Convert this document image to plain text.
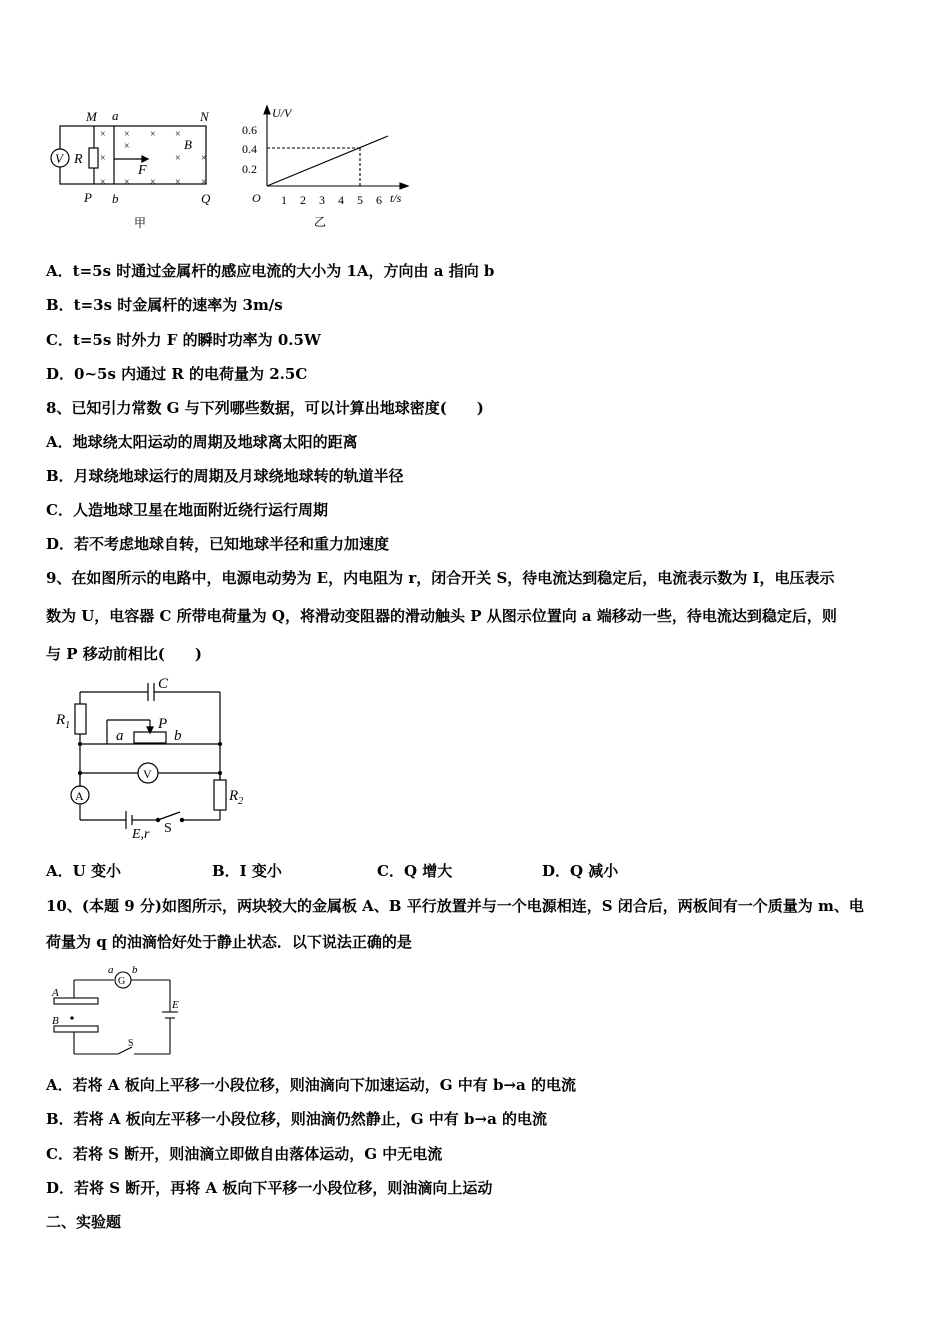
V R
M a	N
B
F
P b	Q
甲
× × × ×
×
×
× ×
× × × × ×
U/V
t/s
O
0.6
0.4
0.2
1 2 3 4 5 6
乙
A．t=5s 时通过金属杆的感应电流的大小为 1A，方向由 a 指向 b
B．t=3s 时金属杆的速率为 3m/s
C．t=5s 时外力 F 的瞬时功率为 0.5W
D．0~5s 内通过 R 的电荷量为 2.5C
8、已知引力常数 G 与下列哪些数据，可以计算出地球密度(　　)
A．地球绕太阳运动的周期及地球离太阳的距离
B．月球绕地球运行的周期及月球绕地球转的轨道半径
C．人造地球卫星在地面附近绕行运行周期
D．若不考虑地球自转，已知地球半径和重力加速度
9、在如图所示的电路中，电源电动势为 E，内电阻为 r，闭合开关 S，待电流达到稳定后，电流表示数为 I，电压表示
数为 U，电容器 C 所带电荷量为 Q，将滑动变阻器的滑动触头 P 从图示位置向 a 端移动一些，待电流达到稳定后，则
与 P 移动前相比(　　)
C
$R_1$
a
P
b
V
A	$R_2$
E,r S
A．U 变小	B．I 变小	C．Q 增大	D．Q 减小
10、(本题 9 分)如图所示，两块较大的金属板 A、B 平行放置并与一个电源相连，S 闭合后，两板间有一个质量为 m、电
荷量为 q 的油滴恰好处于静止状态．以下说法正确的是
A
B
a
G
b
E
S
A．若将 A 板向上平移一小段位移，则油滴向下加速运动，G 中有 b→a 的电流
B．若将 A 板向左平移一小段位移，则油滴仍然静止，G 中有 b→a 的电流
C．若将 S 断开，则油滴立即做自由落体运动，G 中无电流
D．若将 S 断开，再将 A 板向下平移一小段位移，则油滴向上运动
二、实验题
